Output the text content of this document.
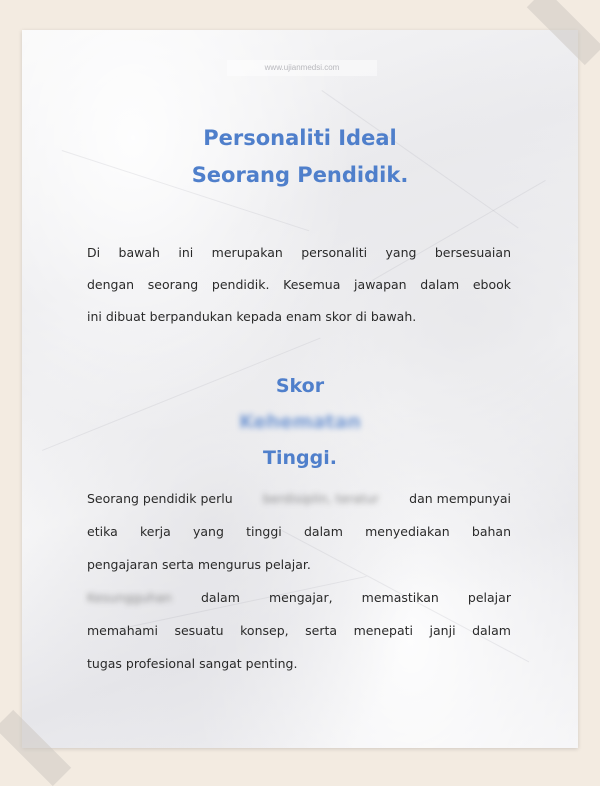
www.ujianmedsi.com
Personaliti Ideal
Seorang Pendidik.
Di bawah ini merupakan personaliti yang bersesuaian
dengan seorang pendidik. Kesemua jawapan dalam ebook
ini dibuat berpandukan kepada enam skor di bawah.
Skor
Kehematan
Tinggi.
Seorang pendidik perlu berdisiplin, teratur dan mempunyai
etika kerja yang tinggi dalam menyediakan bahan
pengajaran serta mengurus pelajar.
Kesungguhan dalam mengajar, memastikan pelajar
memahami sesuatu konsep, serta menepati janji dalam
tugas profesional sangat penting.
